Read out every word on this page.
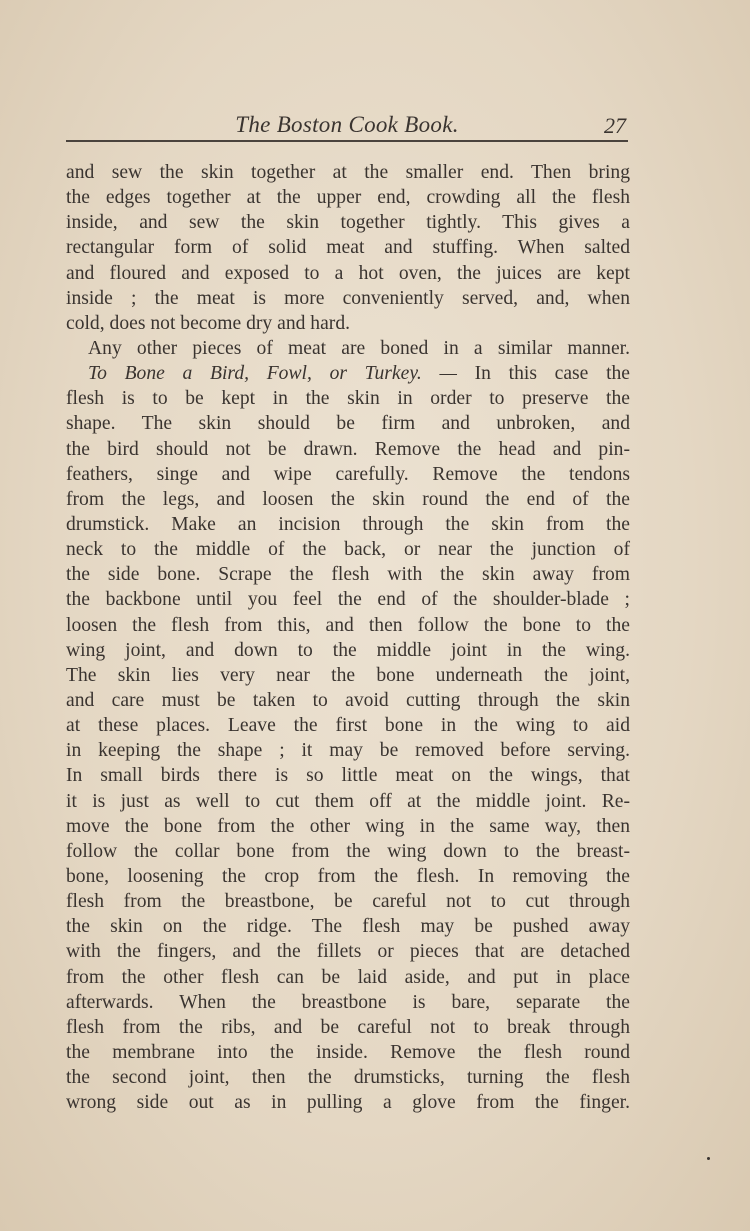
The Boston Cook Book.	27
and sew the skin together at the smaller end. Then bring
the edges together at the upper end, crowding all the flesh
inside, and sew the skin together tightly. This gives a
rectangular form of solid meat and stuffing. When salted
and floured and exposed to a hot oven, the juices are kept
inside ; the meat is more conveniently served, and, when
cold, does not become dry and hard.
Any other pieces of meat are boned in a similar manner.
To Bone a Bird, Fowl, or Turkey. — In this case the
flesh is to be kept in the skin in order to preserve the
shape. The skin should be firm and unbroken, and
the bird should not be drawn. Remove the head and pin-
feathers, singe and wipe carefully. Remove the tendons
from the legs, and loosen the skin round the end of the
drumstick. Make an incision through the skin from the
neck to the middle of the back, or near the junction of
the side bone. Scrape the flesh with the skin away from
the backbone until you feel the end of the shoulder-blade ;
loosen the flesh from this, and then follow the bone to the
wing joint, and down to the middle joint in the wing.
The skin lies very near the bone underneath the joint,
and care must be taken to avoid cutting through the skin
at these places. Leave the first bone in the wing to aid
in keeping the shape ; it may be removed before serving.
In small birds there is so little meat on the wings, that
it is just as well to cut them off at the middle joint. Re-
move the bone from the other wing in the same way, then
follow the collar bone from the wing down to the breast-
bone, loosening the crop from the flesh. In removing the
flesh from the breastbone, be careful not to cut through
the skin on the ridge. The flesh may be pushed away
with the fingers, and the fillets or pieces that are detached
from the other flesh can be laid aside, and put in place
afterwards. When the breastbone is bare, separate the
flesh from the ribs, and be careful not to break through
the membrane into the inside. Remove the flesh round
the second joint, then the drumsticks, turning the flesh
wrong side out as in pulling a glove from the finger.
